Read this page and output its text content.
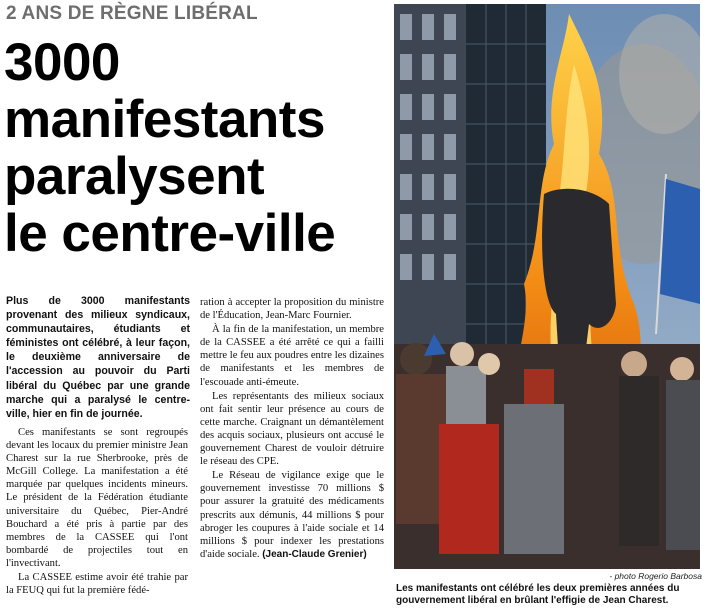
2 ANS DE RÈGNE LIBÉRAL
3000
manifestants
paralysent
le centre-ville
Plus de 3000 manifestants provenant des milieux syndicaux, communautaires, étudiants et féministes ont célébré, à leur façon, le deuxième anniversaire de l'accession au pouvoir du Parti libéral du Québec par une grande marche qui a paralysé le centre-ville, hier en fin de journée.

Ces manifestants se sont regroupés devant les locaux du premier ministre Jean Charest sur la rue Sherbrooke, près de McGill College. La manifestation a été marquée par quelques incidents mineurs. Le président de la Fédération étudiante universitaire du Québec, Pier-André Bouchard a été pris à partie par des membres de la CASSEE qui l'ont bombardé de projectiles tout en l'invectivant.

La CASSEE estime avoir été trahie par la FEUQ qui fut la première fédé-

ration à accepter la proposition du ministre de l'Éducation, Jean-Marc Fournier.

À la fin de la manifestation, un membre de la CASSEE a été arrêté ce qui a failli mettre le feu aux poudres entre les dizaines de manifestants et les membres de l'escouade anti-émeute.

Les représentants des milieux sociaux ont fait sentir leur présence au cours de cette marche. Craignant un démantèlement des acquis sociaux, plusieurs ont accusé le gouvernement Charest de vouloir détruire le réseau des CPE.

Le Réseau de vigilance exige que le gouvernement investisse 70 millions $ pour assurer la gratuité des médicaments prescrits aux démunis, 44 millions $ pour abroger les coupures à l'aide sociale et 14 millions $ pour indexer les prestations d'aide sociale. (Jean-Claude Grenier)

- photo Rogerio Barbosa
Les manifestants ont célébré les deux premières années du gouvernement libéral en brûlant l'effigie de Jean Charest.
